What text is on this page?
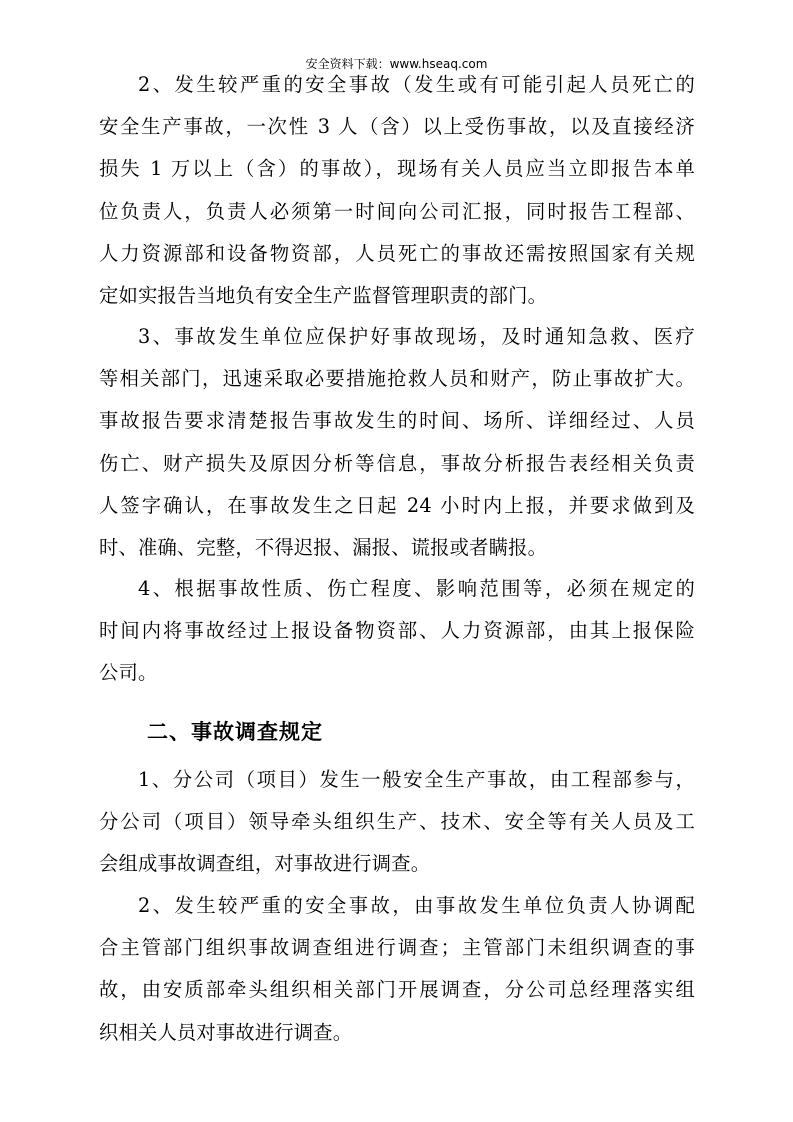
安全资料下载：www.hseaq.com
2、发生较严重的安全事故（发生或有可能引起人员死亡的
安全生产事故，一次性 3 人（含）以上受伤事故，以及直接经济
损失 1 万以上（含）的事故），现场有关人员应当立即报告本单
位负责人，负责人必须第一时间向公司汇报，同时报告工程部、
人力资源部和设备物资部，人员死亡的事故还需按照国家有关规
定如实报告当地负有安全生产监督管理职责的部门。
3、事故发生单位应保护好事故现场，及时通知急救、医疗
等相关部门，迅速采取必要措施抢救人员和财产，防止事故扩大。
事故报告要求清楚报告事故发生的时间、场所、详细经过、人员
伤亡、财产损失及原因分析等信息，事故分析报告表经相关负责
人签字确认，在事故发生之日起 24 小时内上报，并要求做到及
时、准确、完整，不得迟报、漏报、谎报或者瞒报。
4、根据事故性质、伤亡程度、影响范围等，必须在规定的
时间内将事故经过上报设备物资部、人力资源部，由其上报保险
公司。
二、事故调查规定
1、分公司（项目）发生一般安全生产事故，由工程部参与，
分公司（项目）领导牵头组织生产、技术、安全等有关人员及工
会组成事故调查组，对事故进行调查。
2、发生较严重的安全事故，由事故发生单位负责人协调配
合主管部门组织事故调查组进行调查；主管部门未组织调查的事
故，由安质部牵头组织相关部门开展调查，分公司总经理落实组
织相关人员对事故进行调查。
